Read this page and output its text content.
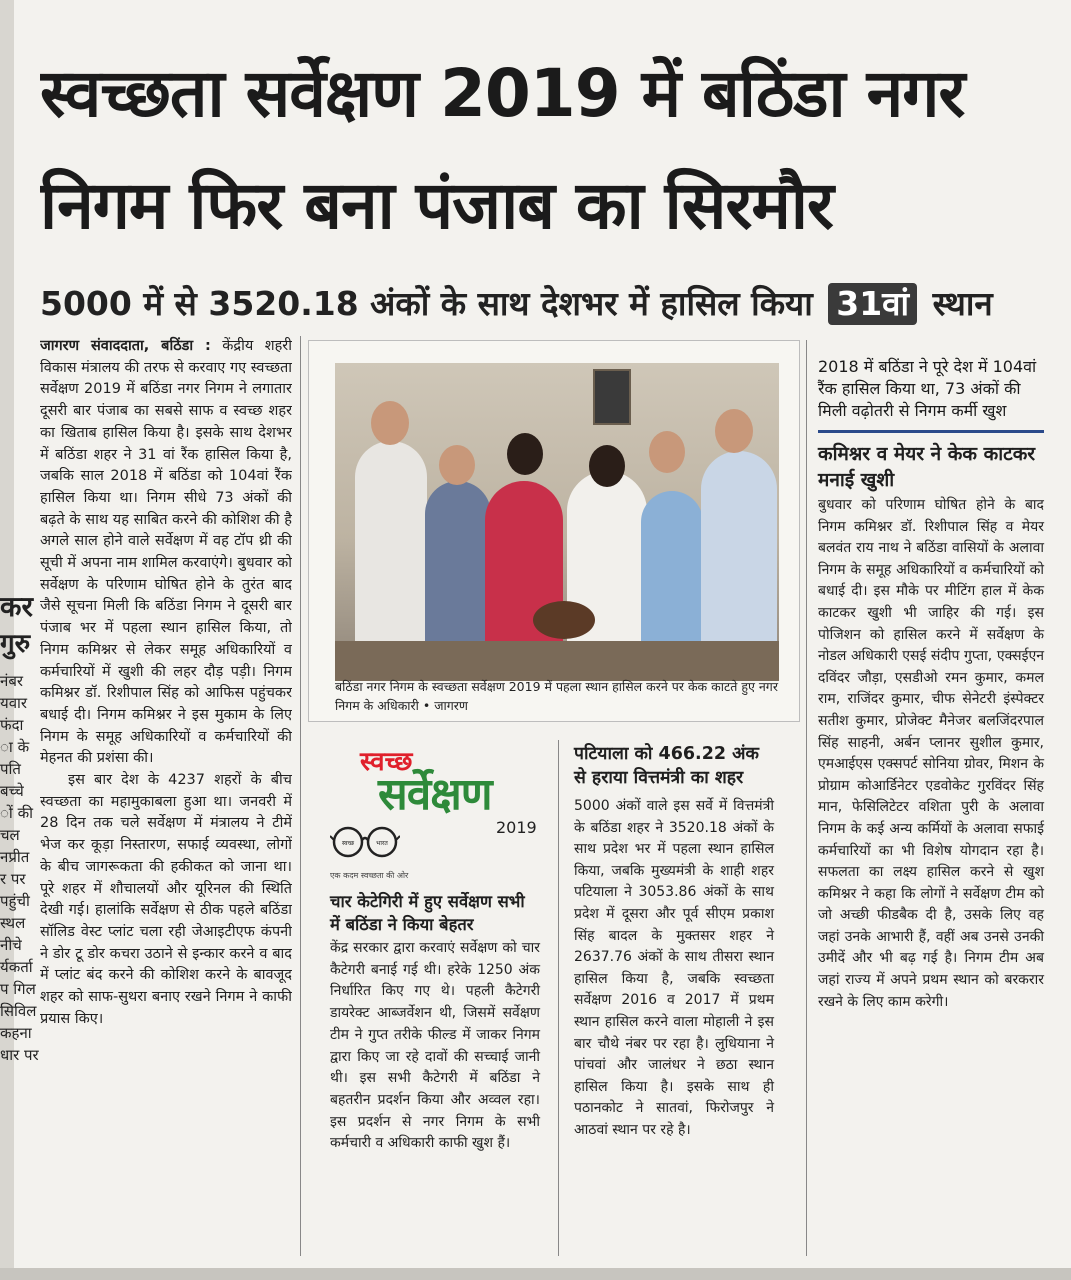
कर
गुरु
नंबर
यवार
फंदा
ा के
पति
बच्चे
ों की
चल
नप्रीत
र पर
पहुंची
स्थल
नीचे
र्यकर्ता
प गिल
सिविल
कहना
धार पर
स्वच्छता सर्वेक्षण 2019 में बठिंडा नगर
निगम फिर बना पंजाब का सिरमौर
5000 में से 3520.18 अंकों के साथ देशभर में हासिल किया 31वां स्थान

जागरण संवाददाता, बठिंडा : केंद्रीय शहरी विकास मंत्रालय की तरफ से करवाए गए स्वच्छता सर्वेक्षण 2019 में बठिंडा नगर निगम ने लगातार दूसरी बार पंजाब का सबसे साफ व स्वच्छ शहर का खिताब हासिल किया है। इसके साथ देशभर में बठिंडा शहर ने 31 वां रैंक हासिल किया है, जबकि साल 2018 में बठिंडा को 104वां रैंक हासिल किया था। निगम सीधे 73 अंकों की बढ़ते के साथ यह साबित करने की कोशिश की है अगले साल होने वाले सर्वेक्षण में वह टॉप थ्री की सूची में अपना नाम शामिल करवाएंगे। बुधवार को सर्वेक्षण के परिणाम घोषित होने के तुरंत बाद जैसे सूचना मिली कि बठिंडा निगम ने दूसरी बार पंजाब भर में पहला स्थान हासिल किया, तो निगम कमिश्नर से लेकर समूह अधिकारियों व कर्मचारियों में खुशी की लहर दौड़ पड़ी। निगम कमिश्नर डॉ. रिशीपाल सिंह को आफिस पहुंचकर बधाई दी। निगम कमिश्नर ने इस मुकाम के लिए निगम के समूह अधिकारियों व कर्मचारियों की मेहनत की प्रशंसा की।

इस बार देश के 4237 शहरों के बीच स्वच्छता का महामुकाबला हुआ था। जनवरी में 28 दिन तक चले सर्वेक्षण में मंत्रालय ने टीमें भेज कर कूड़ा निस्तारण, सफाई व्यवस्था, लोगों के बीच जागरूकता की हकीकत को जाना था। पूरे शहर में शौचालयों और यूरिनल की स्थिति देखी गई। हालांकि सर्वेक्षण से ठीक पहले बठिंडा सॉलिड वेस्ट प्लांट चला रही जेआइटीएफ कंपनी ने डोर टू डोर कचरा उठाने से इन्कार करने व बाद में प्लांट बंद करने की कोशिश करने के बावजूद शहर को साफ-सुथरा बनाए रखने निगम ने काफी प्रयास किए।

बठिंडा नगर निगम के स्वच्छता सर्वेक्षण 2019 में पहला स्थान हासिल करने पर केक काटते हुए नगर निगम के अधिकारी • जागरण
2018 में बठिंडा ने पूरे देश में 104वां रैंक हासिल किया था, 73 अंकों की मिली वढ़ोतरी से निगम कर्मी खुश
कमिश्नर व मेयर ने केक काटकर मनाई खुशी

बुधवार को परिणाम घोषित होने के बाद निगम कमिश्नर डॉ. रिशीपाल सिंह व मेयर बलवंत राय नाथ ने बठिंडा वासियों के अलावा निगम के समूह अधिकारियों व कर्मचारियों को बधाई दी। इस मौके पर मीटिंग हाल में केक काटकर खुशी भी जाहिर की गई। इस पोजिशन को हासिल करने में सर्वेक्षण के नोडल अधिकारी एसई संदीप गुप्ता, एक्सईएन दविंदर जौड़ा, एसडीओ रमन कुमार, कमल राम, राजिंदर कुमार, चीफ सेनेटरी इंस्पेक्टर सतीश कुमार, प्रोजेक्ट मैनेजर बलजिंदरपाल सिंह साहनी, अर्बन प्लानर सुशील कुमार, एमआईएस एक्सपर्ट सोनिया ग्रोवर, मिशन के प्रोग्राम कोआर्डिनेटर एडवोकेट गुरविंदर सिंह मान, फेसिलिटेटर वशिता पुरी के अलावा निगम के कई अन्य कर्मियों के अलावा सफाई कर्मचारियों का भी विशेष योगदान रहा है। सफलता का लक्ष्य हासिल करने से खुश कमिश्नर ने कहा कि लोगों ने सर्वेक्षण टीम को जो अच्छी फीडबैक दी है, उसके लिए वह जहां उनके आभारी हैं, वहीं अब उनसे उनकी उमीदें और भी बढ़ गई है। निगम टीम अब जहां राज्य में अपने प्रथम स्थान को बरकरार रखने के लिए काम करेगी।

स्वच्छ
सर्वेक्षण
2019
स्वच्छ	भारत
एक कदम स्वच्छता की ओर
चार केटेगिरी में हुए सर्वेक्षण सभी में बठिंडा ने किया बेहतर

केंद्र सरकार द्वारा करवाएं सर्वेक्षण को चार कैटेगरी बनाई गई थी। हरेके 1250 अंक निर्धारित किए गए थे। पहली कैटेगरी डायरेक्ट आब्जर्वेशन थी, जिसमें सर्वेक्षण टीम ने गुप्त तरीके फील्ड में जाकर निगम द्वारा किए जा रहे दावों की सच्चाई जानी थी। इस सभी कैटेगरी में बठिंडा ने बहतरीन प्रदर्शन किया और अव्वल रहा। इस प्रदर्शन से नगर निगम के सभी कर्मचारी व अधिकारी काफी खुश हैं।

पटियाला को 466.22 अंक से हराया वित्तमंत्री का शहर

5000 अंकों वाले इस सर्वे में वित्तमंत्री के बठिंडा शहर ने 3520.18 अंकों के साथ प्रदेश भर में पहला स्थान हासिल किया, जबकि मुख्यमंत्री के शाही शहर पटियाला ने 3053.86 अंकों के साथ प्रदेश में दूसरा और पूर्व सीएम प्रकाश सिंह बादल के मुक्तसर शहर ने 2637.76 अंकों के साथ तीसरा स्थान हासिल किया है, जबकि स्वच्छता सर्वेक्षण 2016 व 2017 में प्रथम स्थान हासिल करने वाला मोहाली ने इस बार चौथे नंबर पर रहा है। लुधियाना ने पांचवां और जालंधर ने छठा स्थान हासिल किया है। इसके साथ ही पठानकोट ने सातवां, फिरोजपुर ने आठवां स्थान पर रहे है।
